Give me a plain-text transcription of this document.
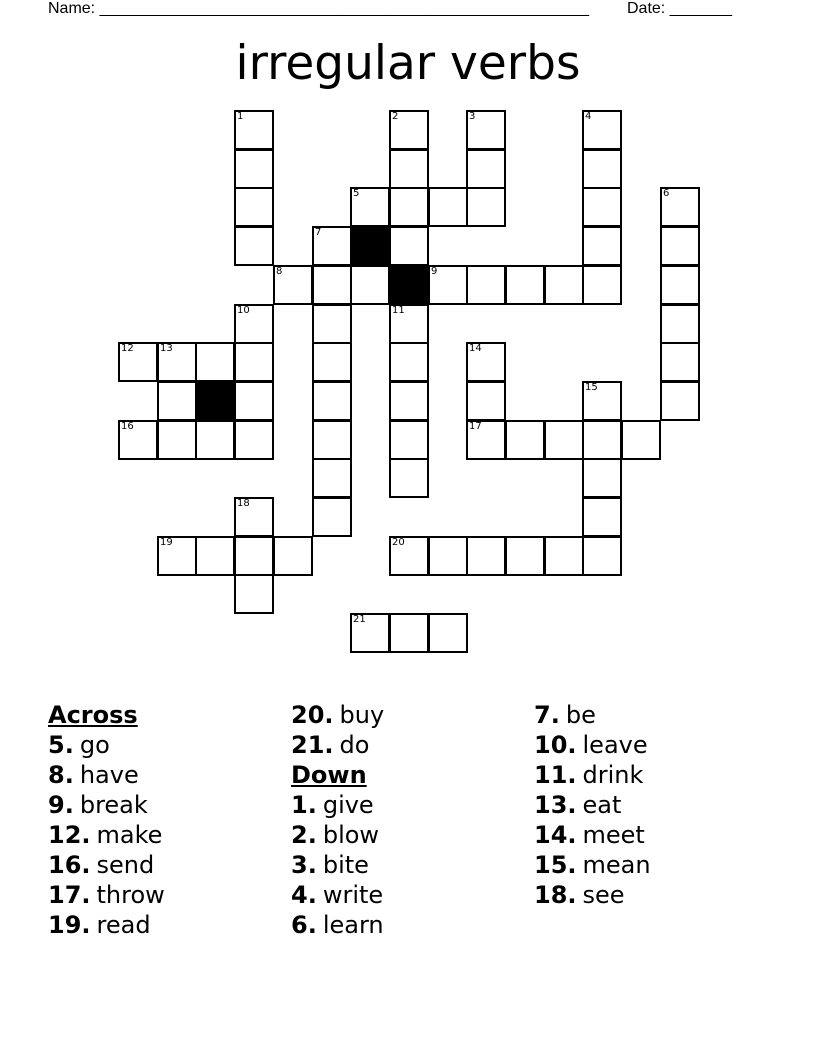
Name: _______________________________________________________ Date: _______
irregular verbs
1	2	3	4
5	6
7
8	9
10	11
12	13	14
15
16	17
18
19	20
21
Across
5. go
8. have
9. break
12. make
16. send
17. throw
19. read
20. buy
21. do
Down
1. give
2. blow
3. bite
4. write
6. learn
7. be
10. leave
11. drink
13. eat
14. meet
15. mean
18. see
